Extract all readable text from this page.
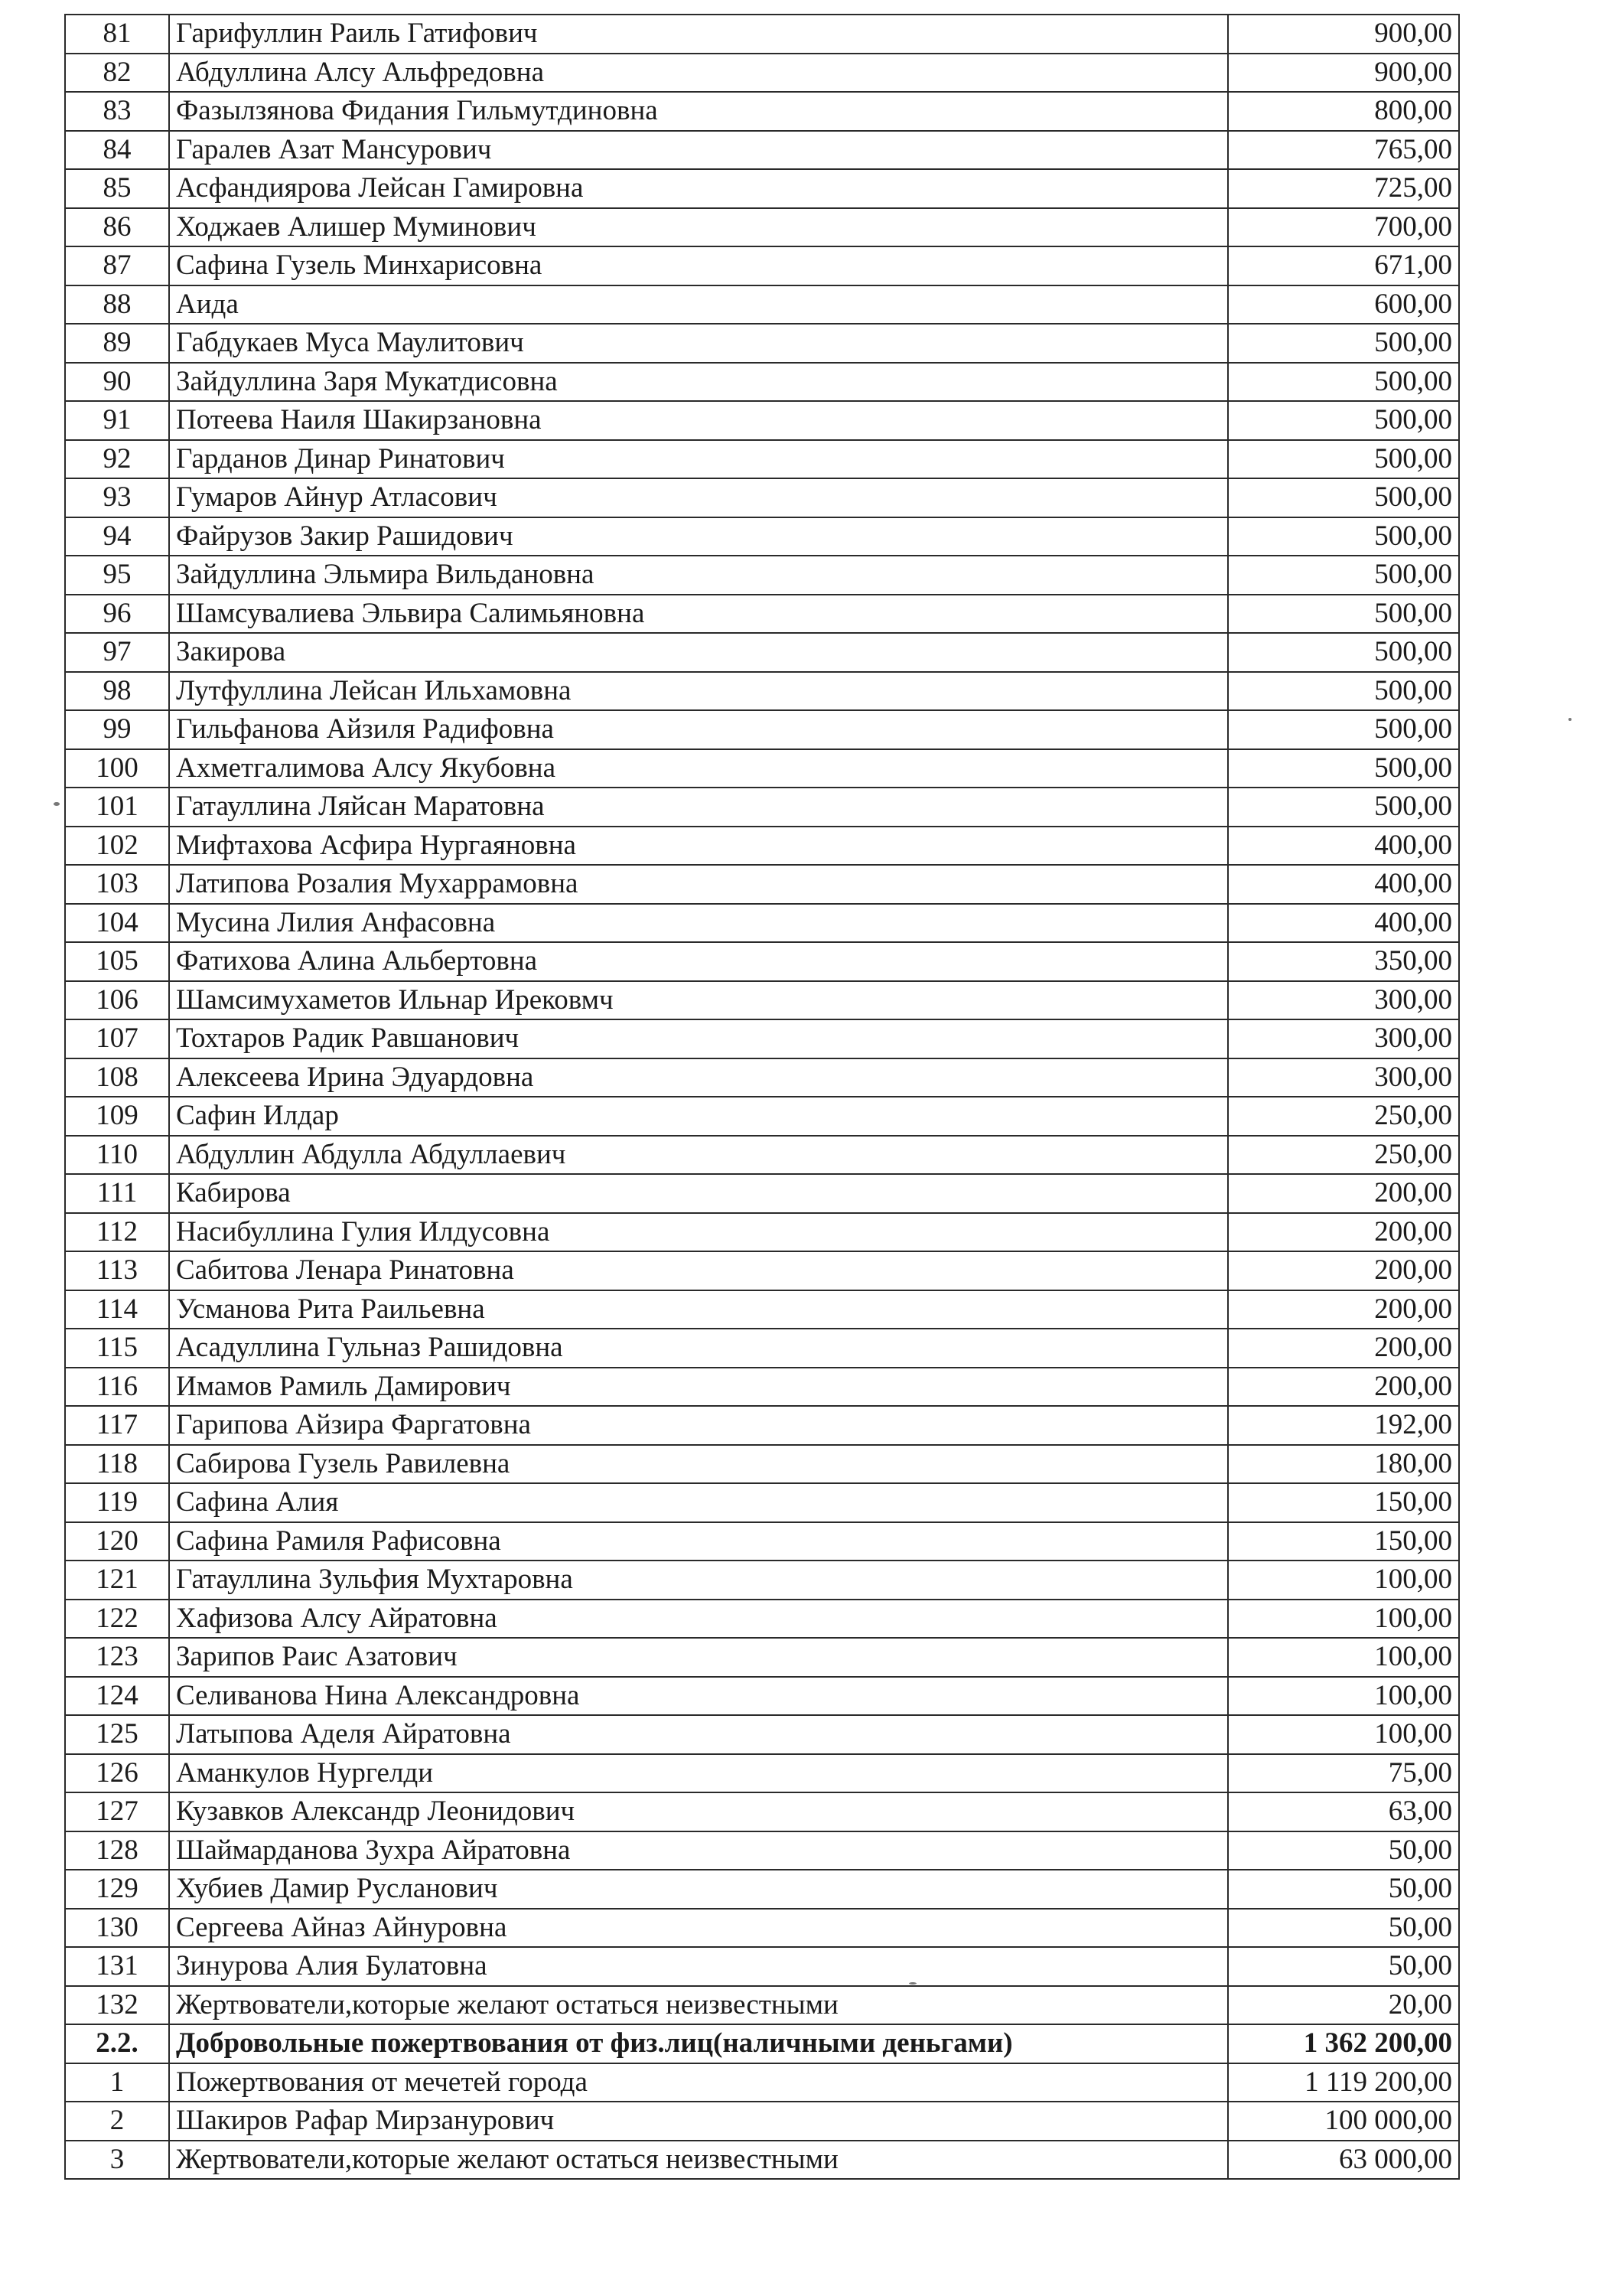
81	Гарифуллин Раиль Гатифович	900,00
82	Абдуллина Алсу Альфредовна	900,00
83	Фазылзянова Фидания Гильмутдиновна	800,00
84	Гаралев Азат Мансурович	765,00
85	Асфандиярова Лейсан Гамировна	725,00
86	Ходжаев Алишер Муминович	700,00
87	Сафина Гузель Минхарисовна	671,00
88	Аида	600,00
89	Габдукаев Муса Маулитович	500,00
90	Зайдуллина Заря Мукатдисовна	500,00
91	Потеева Наиля Шакирзановна	500,00
92	Гарданов Динар Ринатович	500,00
93	Гумаров Айнур Атласович	500,00
94	Файрузов Закир Рашидович	500,00
95	Зайдуллина Эльмира Вильдановна	500,00
96	Шамсувалиева Эльвира Салимьяновна	500,00
97	Закирова	500,00
98	Лутфуллина Лейсан Ильхамовна	500,00
99	Гильфанова Айзиля Радифовна	500,00
100	Ахметгалимова Алсу Якубовна	500,00
101	Гатауллина Ляйсан Маратовна	500,00
102	Мифтахова Асфира Нургаяновна	400,00
103	Латипова Розалия Мухаррамовна	400,00
104	Мусина Лилия Анфасовна	400,00
105	Фатихова Алина Альбертовна	350,00
106	Шамсимухаметов Ильнар Ирековмч	300,00
107	Тохтаров Радик Равшанович	300,00
108	Алексеева Ирина Эдуардовна	300,00
109	Сафин Илдар	250,00
110	Абдуллин Абдулла Абдуллаевич	250,00
111	Кабирова	200,00
112	Насибуллина Гулия Илдусовна	200,00
113	Сабитова Ленара Ринатовна	200,00
114	Усманова Рита Раильевна	200,00
115	Асадуллина Гульназ Рашидовна	200,00
116	Имамов Рамиль Дамирович	200,00
117	Гарипова Айзира Фаргатовна	192,00
118	Сабирова Гузель Равилевна	180,00
119	Сафина Алия	150,00
120	Сафина Рамиля Рафисовна	150,00
121	Гатауллина Зульфия Мухтаровна	100,00
122	Хафизова Алсу Айратовна	100,00
123	Зарипов Раис Азатович	100,00
124	Селиванова Нина Александровна	100,00
125	Латыпова Аделя Айратовна	100,00
126	Аманкулов Нургелди	75,00
127	Кузавков Александр Леонидович	63,00
128	Шаймарданова Зухра Айратовна	50,00
129	Хубиев Дамир Русланович	50,00
130	Сергеева Айназ Айнуровна	50,00
131	Зинурова Алия Булатовна	50,00
132	Жертвователи,которые желают остаться неизвестными	20,00
2.2.	Добровольные пожертвования от физ.лиц(наличными деньгами)	1 362 200,00
1	Пожертвования от мечетей города	1 119 200,00
2	Шакиров Рафар Мирзанурович	100 000,00
3	Жертвователи,которые желают остаться неизвестными	63 000,00
